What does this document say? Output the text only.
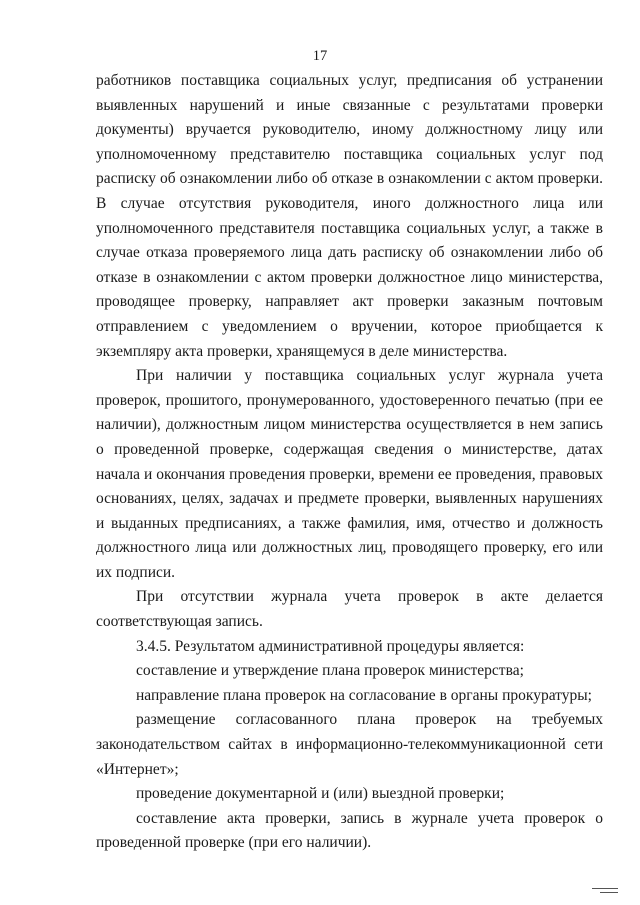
17

работников поставщика социальных услуг, предписания об устранении выявленных нарушений и иные связанные с результатами проверки документы) вручается руководителю, иному должностному лицу или уполномоченному представителю поставщика социальных услуг под расписку об ознакомлении либо об отказе в ознакомлении с актом проверки. В случае отсутствия руководителя, иного должностного лица или уполномоченного представителя поставщика социальных услуг, а также в случае отказа проверяемого лица дать расписку об ознакомлении либо об отказе в ознакомлении с актом проверки должностное лицо министерства, проводящее проверку, направляет акт проверки заказным почтовым отправлением с уведомлением о вручении, которое приобщается к экземпляру акта проверки, хранящемуся в деле министерства.

При наличии у поставщика социальных услуг журнала учета проверок, прошитого, пронумерованного, удостоверенного печатью (при ее наличии), должностным лицом министерства осуществляется в нем запись о проведенной проверке, содержащая сведения о министерстве, датах начала и окончания проведения проверки, времени ее проведения, правовых основаниях, целях, задачах и предмете проверки, выявленных нарушениях и выданных предписаниях, а также фамилия, имя, отчество и должность должностного лица или должностных лиц, проводящего проверку, его или их подписи.

При отсутствии журнала учета проверок в акте делается соответствующая запись.

3.4.5. Результатом административной процедуры является:

составление и утверждение плана проверок министерства;

направление плана проверок на согласование в органы прокуратуры;

размещение согласованного плана проверок на требуемых законодательством сайтах в информационно-телекоммуникационной сети «Интернет»;

проведение документарной и (или) выездной проверки;

составление акта проверки, запись в журнале учета проверок о проведенной проверке (при его наличии).
